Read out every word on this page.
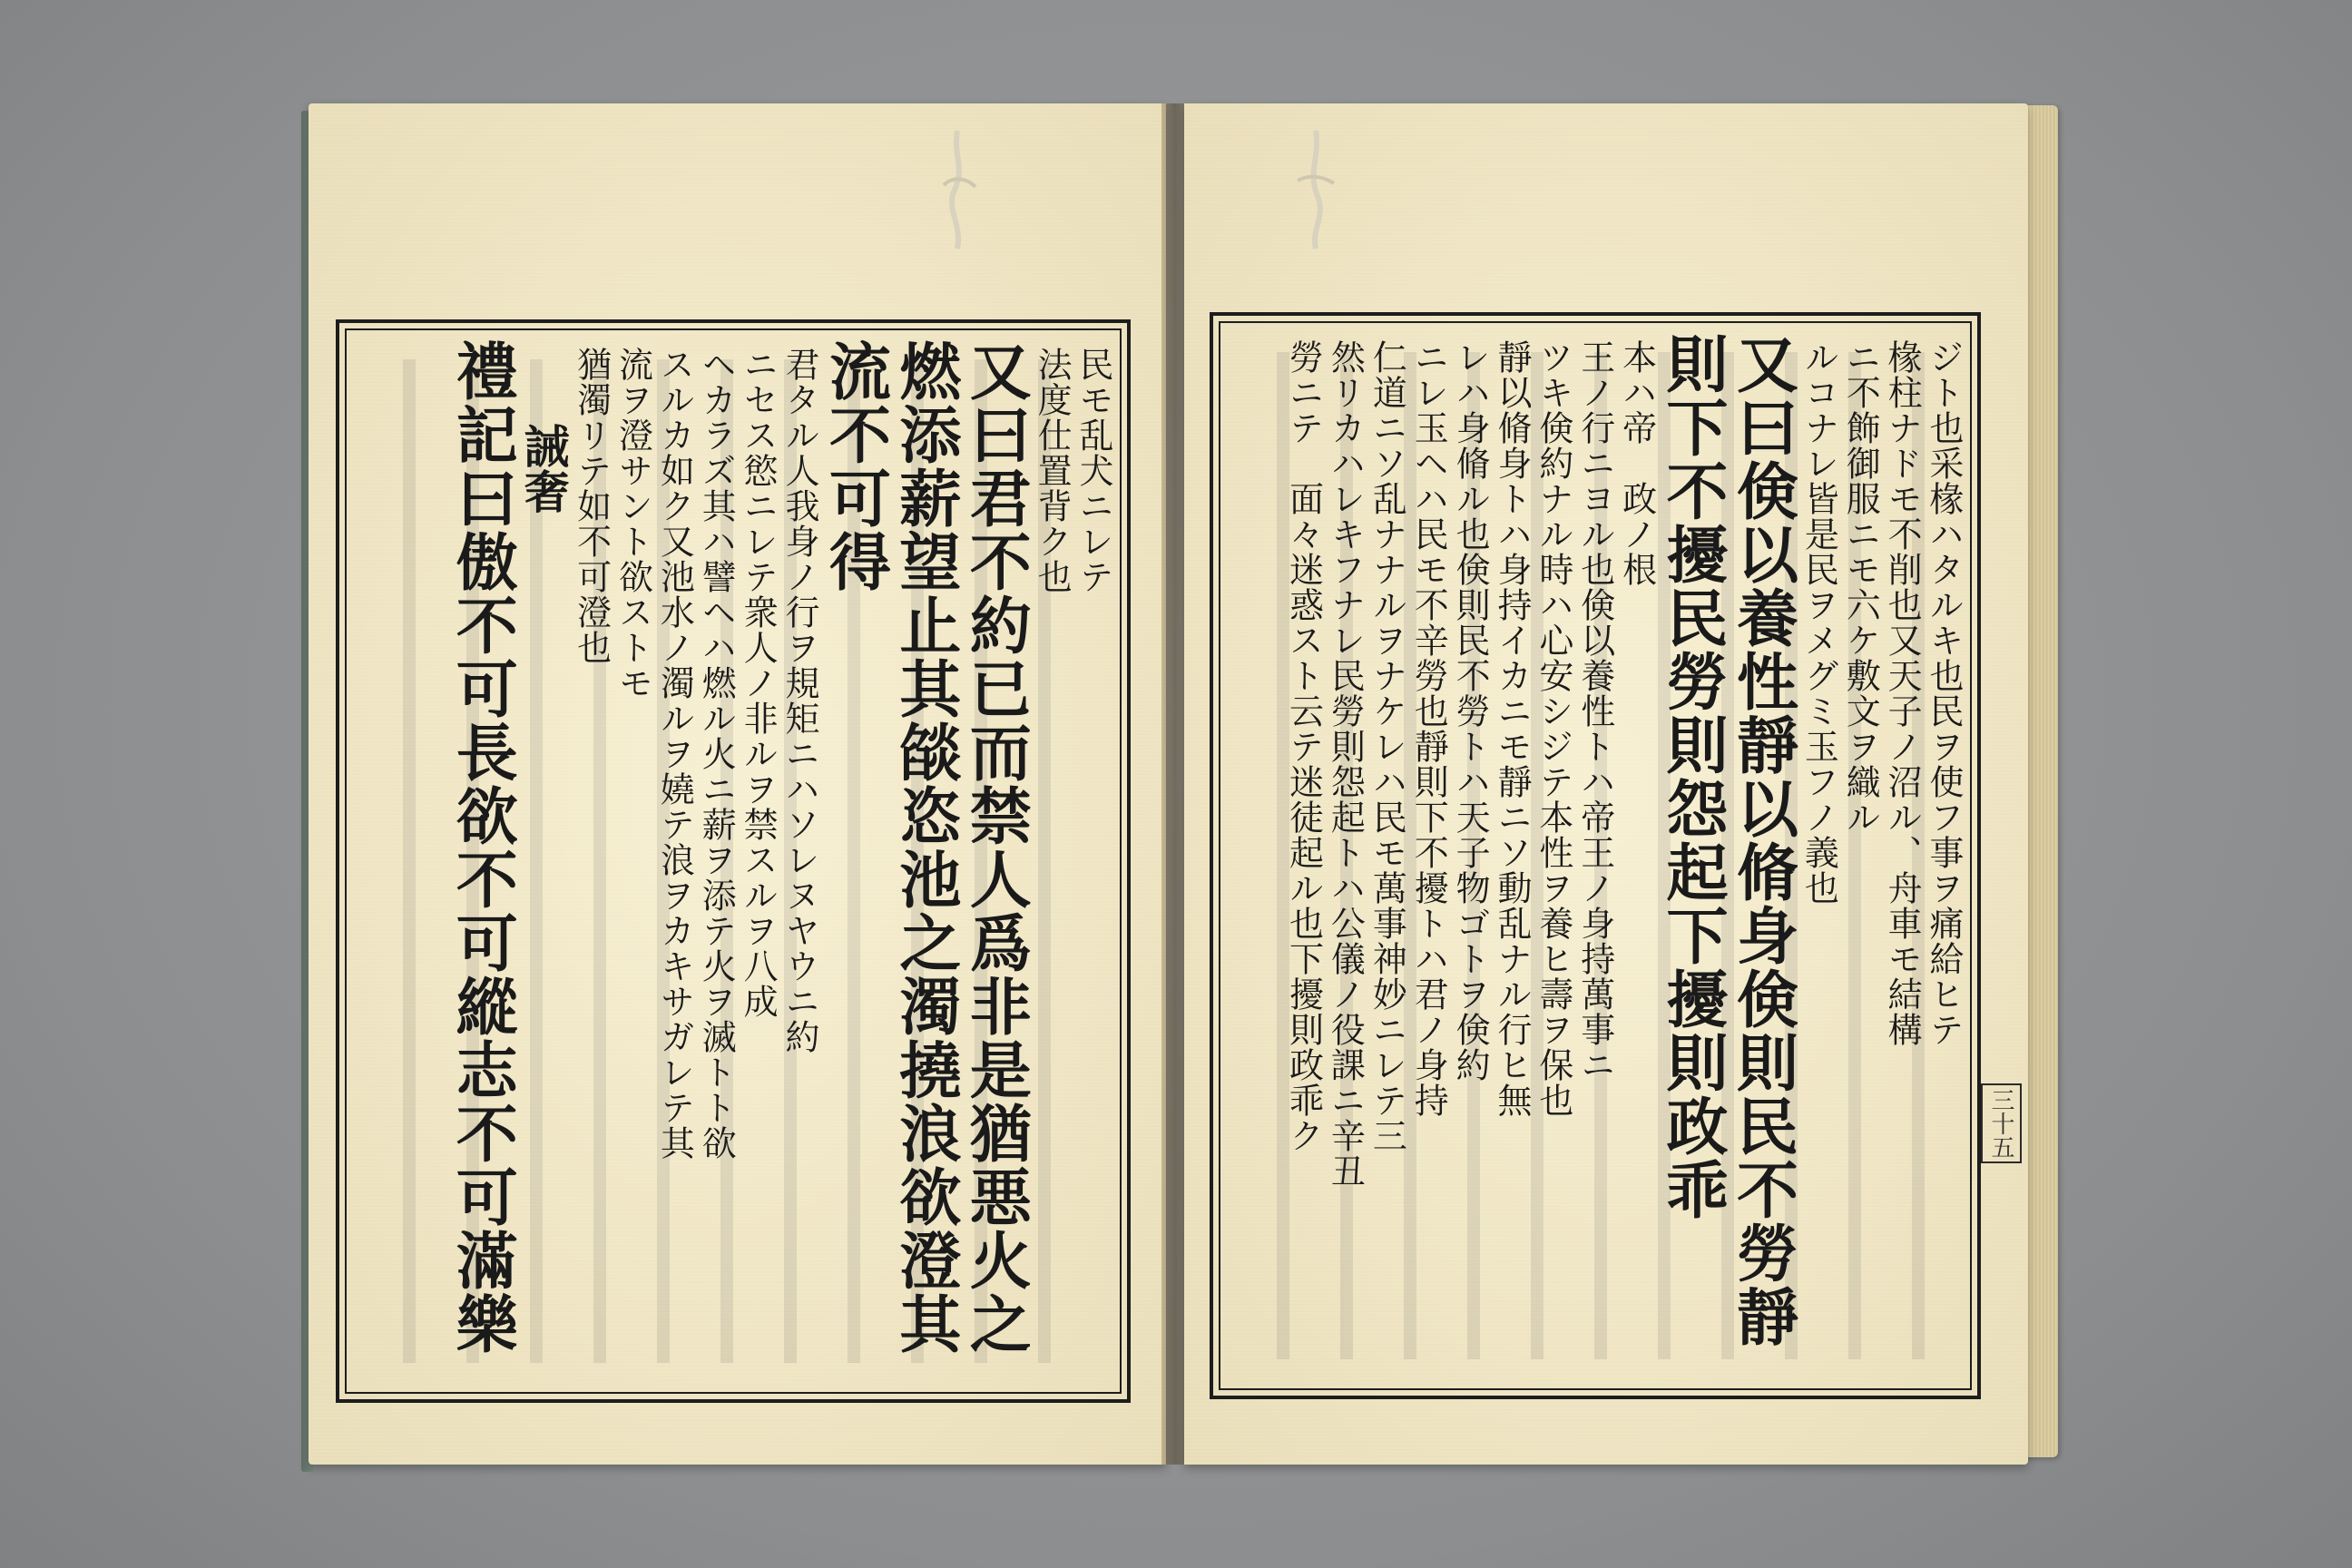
民モ乱犬ニレテ
法度仕置背ク也
又曰君不約已而禁人爲非是猶悪火之
燃添薪望止其燄恣池之濁撓浪欲澄其
流不可得
君タル人我身ノ行ヲ規矩ニハソレヌヤウニ約
ニセス慾ニレテ衆人ノ非ルヲ禁スルヲ八成
ヘカラズ其ハ譬ヘハ燃ル火ニ薪ヲ添テ火ヲ滅トト欲
スルカ如ク又池水ノ濁ルヲ嬈テ浪ヲカキサガレテ其
流ヲ澄サント欲ストモ
猶濁リテ如不可澄也
誡奢
禮記曰傲不可長欲不可縱志不可滿樂	ジト也采椽ハタルキ也民ヲ使フ事ヲ痛給ヒテ
椽柱ナドモ不削也又天子ノ沼ル、舟車モ結構
ニ不飾御服ニモ六ケ敷文ヲ織ル
ルコナレ皆是民ヲメグミ玉フノ義也
又曰倹以養性靜以脩身倹則民不勞靜
則下不擾民勞則怨起下擾則政乖
本ハ帝　政ノ根
王ノ行ニヨル也倹以養性トハ帝王ノ身持萬事ニ
ツキ倹約ナル時ハ心安シジテ本性ヲ養ヒ壽ヲ保也
靜以脩身トハ身持イカニモ靜ニソ動乱ナル行ヒ無
レハ身脩ル也倹則民不勞トハ天子物ゴトヲ倹約
ニレ玉ヘハ民モ不辛勞也靜則下不擾トハ君ノ身持
仁道ニソ乱ナナルヲナケレハ民モ萬事神妙ニレテ三
然リカハレキフナレ民勞則怨起トハ公儀ノ役課ニ辛丑
勞ニテ　面々迷惑スト云テ迷徒起ル也下擾則政乖ク	三十五
